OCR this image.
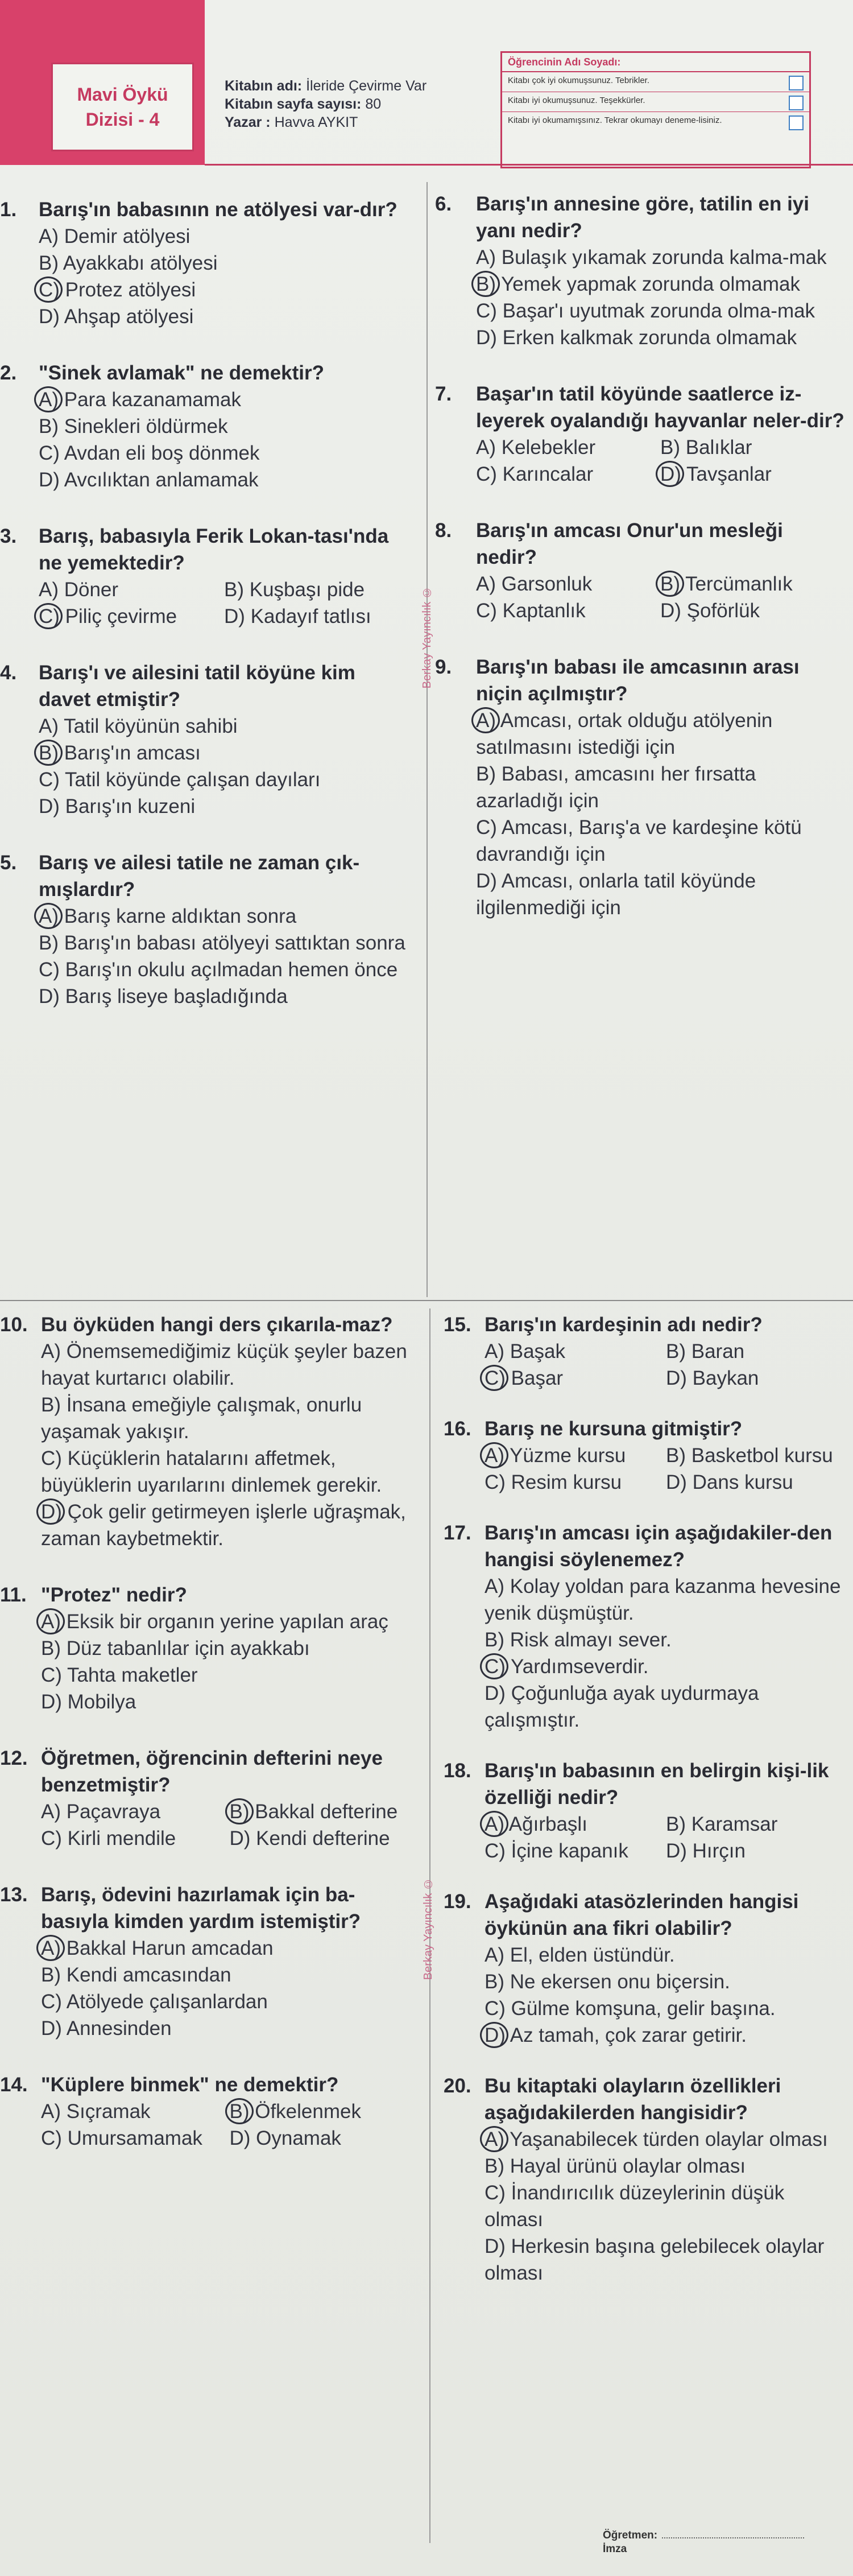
Mavi Öykü
Dizisi - 4
Kitabın adı: İleride Çevirme Var
Kitabın sayfa sayısı: 80
Yazar : Havva AYKIT
Öğrencinin Adı Soyadı:
Kitabı çok iyi okumuşsunuz. Tebrikler.
Kitabı iyi okumuşsunuz. Teşekkürler.
Kitabı iyi okumamışsınız. Tekrar okumayı deneme-lisiniz.
Berkay Yayıncılık ©
Berkay Yayıncılık ©
1. Barış'ın babasının ne atölyesi var-dır?
A) Demir atölyesi
B) Ayakkabı atölyesi
C) Protez atölyesi
D) Ahşap atölyesi
2. "Sinek avlamak" ne demektir?
A) Para kazanamamak
B) Sinekleri öldürmek
C) Avdan eli boş dönmek
D) Avcılıktan anlamamak
3. Barış, babasıyla Ferik Lokan-tası'nda ne yemektedir?
A) Döner	B) Kuşbaşı pide
C) Piliç çevirme	D) Kadayıf tatlısı
4. Barış'ı ve ailesini tatil köyüne kim davet etmiştir?
A) Tatil köyünün sahibi
B) Barış'ın amcası
C) Tatil köyünde çalışan dayıları
D) Barış'ın kuzeni
5. Barış ve ailesi tatile ne zaman çık-mışlardır?
A) Barış karne aldıktan sonra
B) Barış'ın babası atölyeyi sattıktan sonra
C) Barış'ın okulu açılmadan hemen önce
D) Barış liseye başladığında
6. Barış'ın annesine göre, tatilin en iyi yanı nedir?
A) Bulaşık yıkamak zorunda kalma-mak
B) Yemek yapmak zorunda olmamak
C) Başar'ı uyutmak zorunda olma-mak
D) Erken kalkmak zorunda olmamak
7. Başar'ın tatil köyünde saatlerce iz-leyerek oyalandığı hayvanlar neler-dir?
A) Kelebekler	B) Balıklar
C) Karıncalar	D) Tavşanlar
8. Barış'ın amcası Onur'un mesleği nedir?
A) Garsonluk	B) Tercümanlık
C) Kaptanlık	D) Şoförlük
9. Barış'ın babası ile amcasının arası niçin açılmıştır?
A) Amcası, ortak olduğu atölyenin satılmasını istediği için
B) Babası, amcasını her fırsatta azarladığı için
C) Amcası, Barış'a ve kardeşine kötü davrandığı için
D) Amcası, onlarla tatil köyünde ilgilenmediği için
10. Bu öyküden hangi ders çıkarıla-maz?
A) Önemsemediğimiz küçük şeyler bazen hayat kurtarıcı olabilir.
B) İnsana emeğiyle çalışmak, onurlu yaşamak yakışır.
C) Küçüklerin hatalarını affetmek, büyüklerin uyarılarını dinlemek gerekir.
D) Çok gelir getirmeyen işlerle uğraşmak, zaman kaybetmektir.
11. "Protez" nedir?
A) Eksik bir organın yerine yapılan araç
B) Düz tabanlılar için ayakkabı
C) Tahta maketler
D) Mobilya
12. Öğretmen, öğrencinin defterini neye benzetmiştir?
A) Paçavraya	B) Bakkal defterine
C) Kirli mendile	D) Kendi defterine
13. Barış, ödevini hazırlamak için ba-basıyla kimden yardım istemiştir?
A) Bakkal Harun amcadan
B) Kendi amcasından
C) Atölyede çalışanlardan
D) Annesinden
14. "Küplere binmek" ne demektir?
A) Sıçramak	B) Öfkelenmek
C) Umursamamak	D) Oynamak
15. Barış'ın kardeşinin adı nedir?
A) Başak	B) Baran
C) Başar	D) Baykan
16. Barış ne kursuna gitmiştir?
A) Yüzme kursu	B) Basketbol kursu
C) Resim kursu	D) Dans kursu
17. Barış'ın amcası için aşağıdakiler-den hangisi söylenemez?
A) Kolay yoldan para kazanma hevesine yenik düşmüştür.
B) Risk almayı sever.
C) Yardımseverdir.
D) Çoğunluğa ayak uydurmaya çalışmıştır.
18. Barış'ın babasının en belirgin kişi-lik özelliği nedir?
A) Ağırbaşlı	B) Karamsar
C) İçine kapanık	D) Hırçın
19. Aşağıdaki atasözlerinden hangisi öykünün ana fikri olabilir?
A) El, elden üstündür.
B) Ne ekersen onu biçersin.
C) Gülme komşuna, gelir başına.
D) Az tamah, çok zarar getirir.
20. Bu kitaptaki olayların özellikleri aşağıdakilerden hangisidir?
A) Yaşanabilecek türden olaylar olması
B) Hayal ürünü olaylar olması
C) İnandırıcılık düzeylerinin düşük olması
D) Herkesin başına gelebilecek olaylar olması
Öğretmen:
İmza
